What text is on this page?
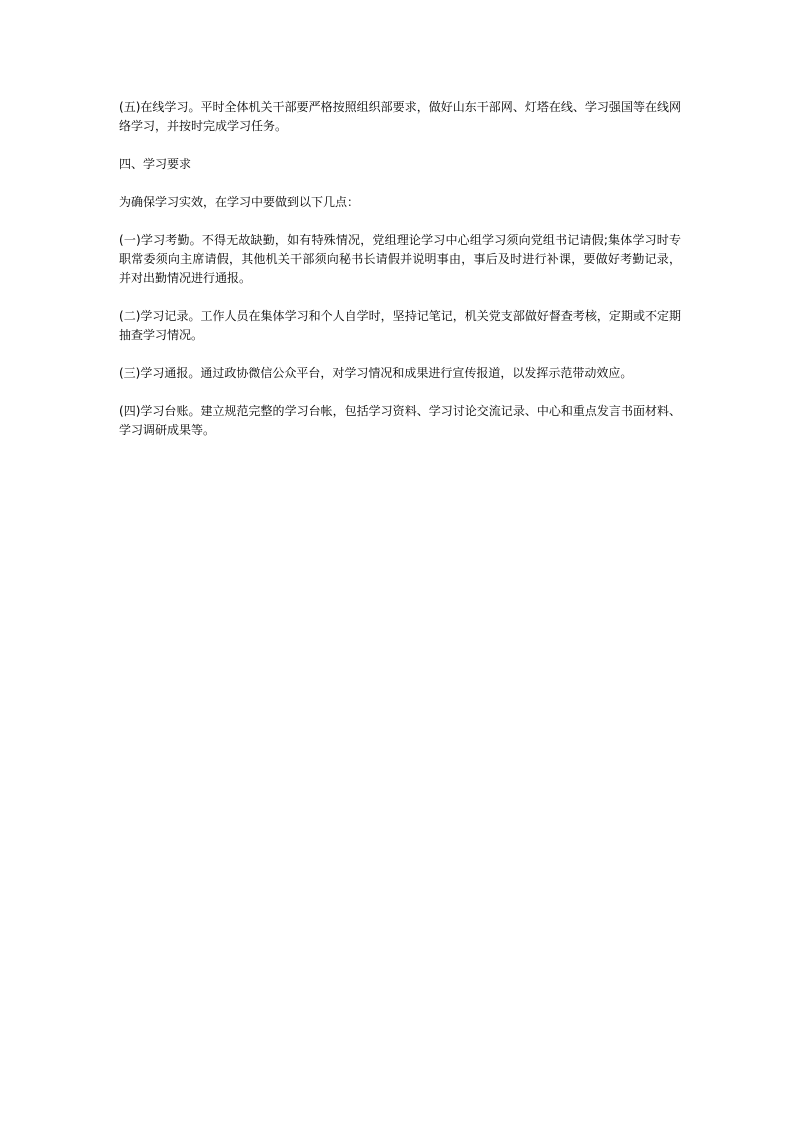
(五)在线学习。平时全体机关干部要严格按照组织部要求，做好山东干部网、灯塔在线、学习强国等在线网络学习，并按时完成学习任务。

四、学习要求

为确保学习实效，在学习中要做到以下几点：

(一)学习考勤。不得无故缺勤，如有特殊情况，党组理论学习中心组学习须向党组书记请假;集体学习时专职常委须向主席请假，其他机关干部须向秘书长请假并说明事由，事后及时进行补课，要做好考勤记录，并对出勤情况进行通报。

(二)学习记录。工作人员在集体学习和个人自学时，坚持记笔记，机关党支部做好督查考核，定期或不定期抽查学习情况。

(三)学习通报。通过政协微信公众平台，对学习情况和成果进行宣传报道，以发挥示范带动效应。

(四)学习台账。建立规范完整的学习台帐，包括学习资料、学习讨论交流记录、中心和重点发言书面材料、学习调研成果等。
